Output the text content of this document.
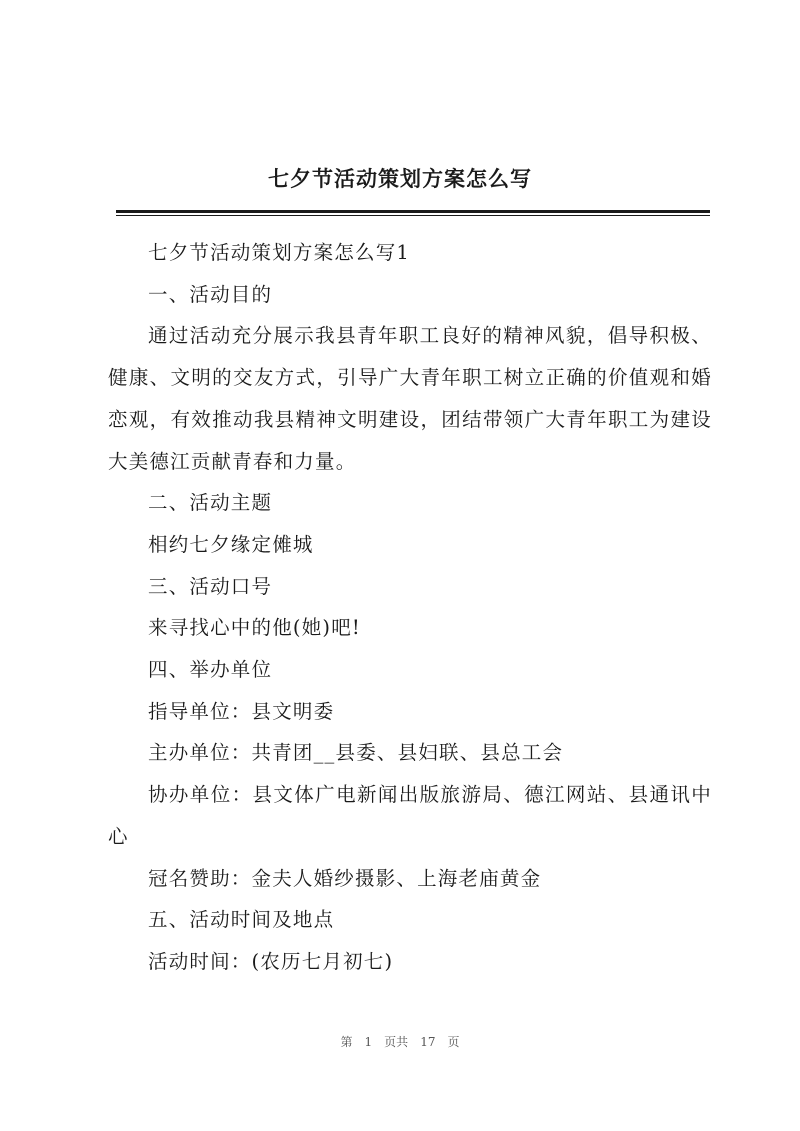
七夕节活动策划方案怎么写

七夕节活动策划方案怎么写1

一、活动目的

通过活动充分展示我县青年职工良好的精神风貌，倡导积极、健康、文明的交友方式，引导广大青年职工树立正确的价值观和婚恋观，有效推动我县精神文明建设，团结带领广大青年职工为建设大美德江贡献青春和力量。

二、活动主题

相约七夕缘定傩城

三、活动口号

来寻找心中的他(她)吧!

四、举办单位

指导单位：县文明委

主办单位：共青团__县委、县妇联、县总工会

协办单位：县文体广电新闻出版旅游局、德江网站、县通讯中心

冠名赞助：金夫人婚纱摄影、上海老庙黄金

五、活动时间及地点

活动时间：(农历七月初七)

第 1 页共 17 页
